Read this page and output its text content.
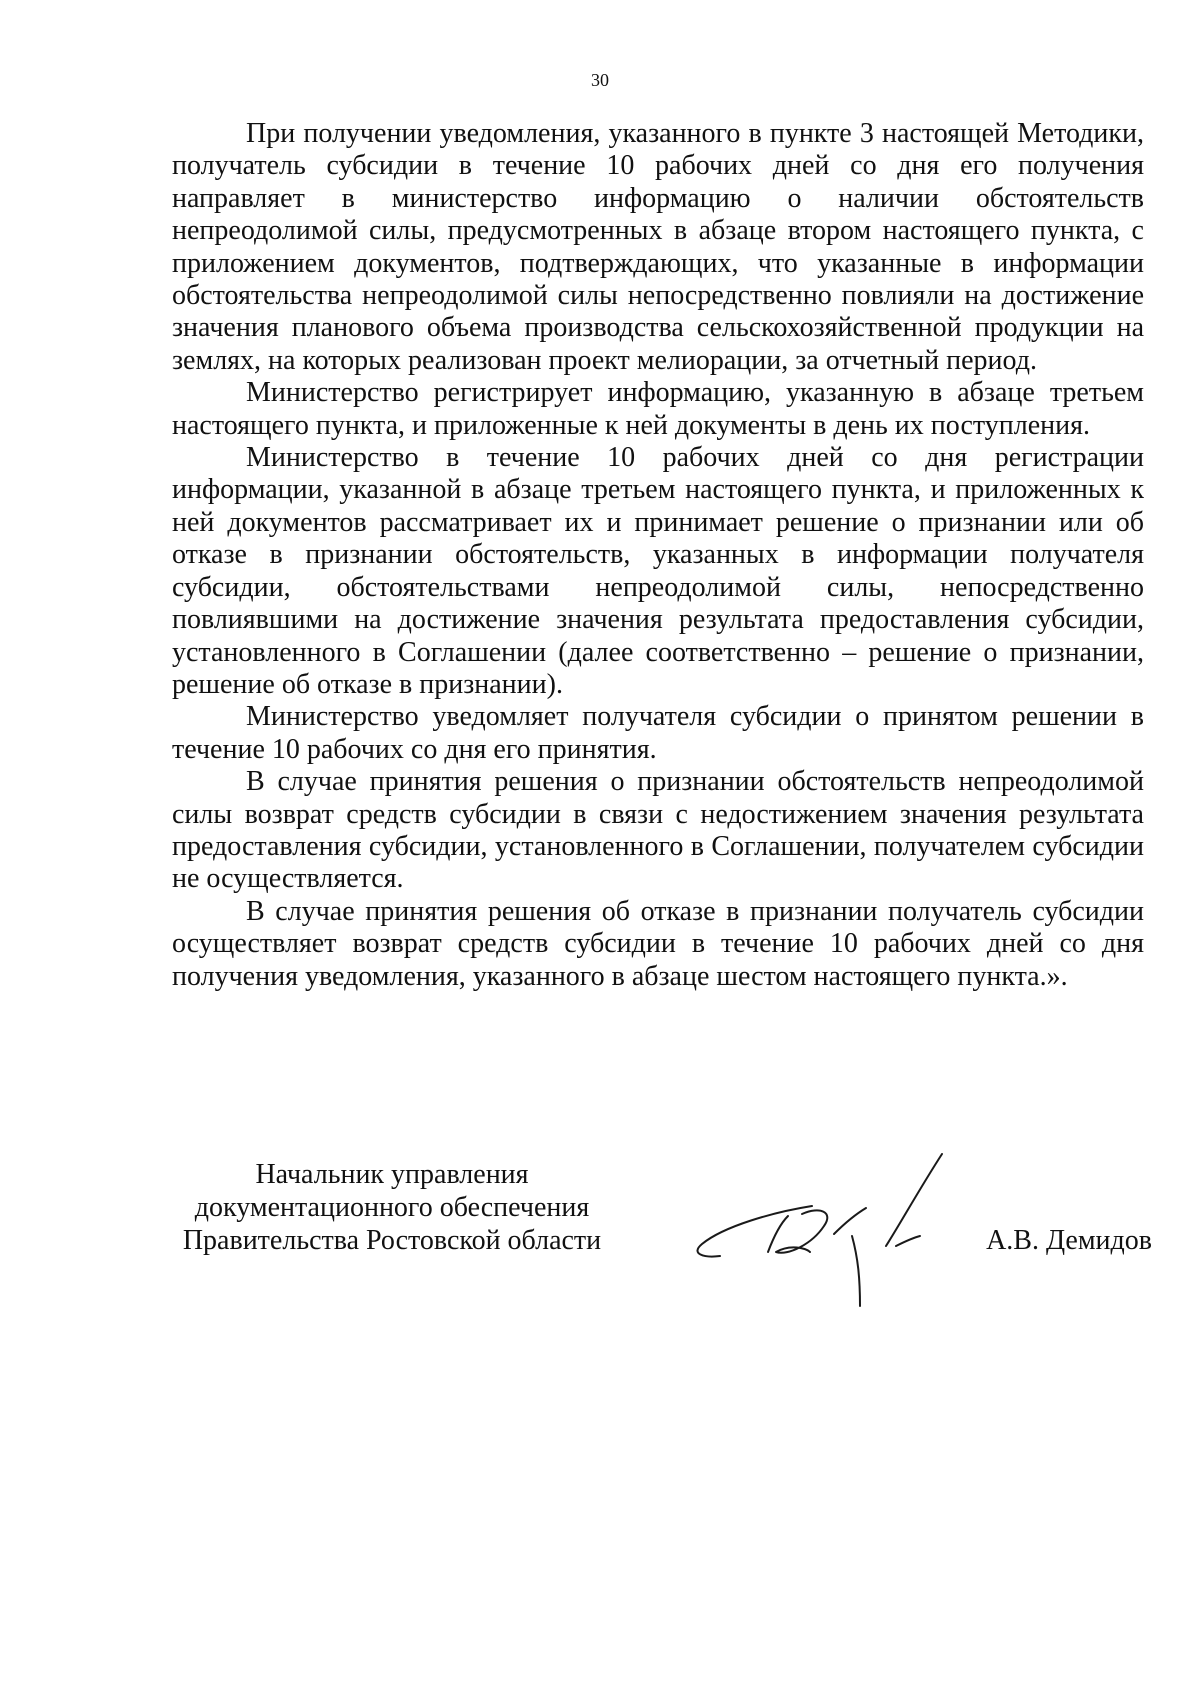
30

При получении уведомления, указанного в пункте 3 настоящей Методики, получатель субсидии в течение 10 рабочих дней со дня его получения направляет в министерство информацию о наличии обстоятельств непреодолимой силы, предусмотренных в абзаце втором настоящего пункта, с приложением документов, подтверждающих, что указанные в информации обстоятельства непреодолимой силы непосредственно повлияли на достижение значения планового объема производства сельскохозяйственной продукции на землях, на которых реализован проект мелиорации, за отчетный период.

Министерство регистрирует информацию, указанную в абзаце третьем настоящего пункта, и приложенные к ней документы в день их поступления.

Министерство в течение 10 рабочих дней со дня регистрации информации, указанной в абзаце третьем настоящего пункта, и приложенных к ней документов рассматривает их и принимает решение о признании или об отказе в признании обстоятельств, указанных в информации получателя субсидии, обстоятельствами непреодолимой силы, непосредственно повлиявшими на достижение значения результата предоставления субсидии, установленного в Соглашении (далее соответственно – решение о признании, решение об отказе в признании).

Министерство уведомляет получателя субсидии о принятом решении в течение 10 рабочих со дня его принятия.

В случае принятия решения о признании обстоятельств непреодолимой силы возврат средств субсидии в связи с недостижением значения результата предоставления субсидии, установленного в Соглашении, получателем субсидии не осуществляется.

В случае принятия решения об отказе в признании получатель субсидии осуществляет возврат средств субсидии в течение 10 рабочих дней со дня получения уведомления, указанного в абзаце шестом настоящего пункта.».

Начальник управления
документационного обеспечения
Правительства Ростовской области	А.В. Демидов
